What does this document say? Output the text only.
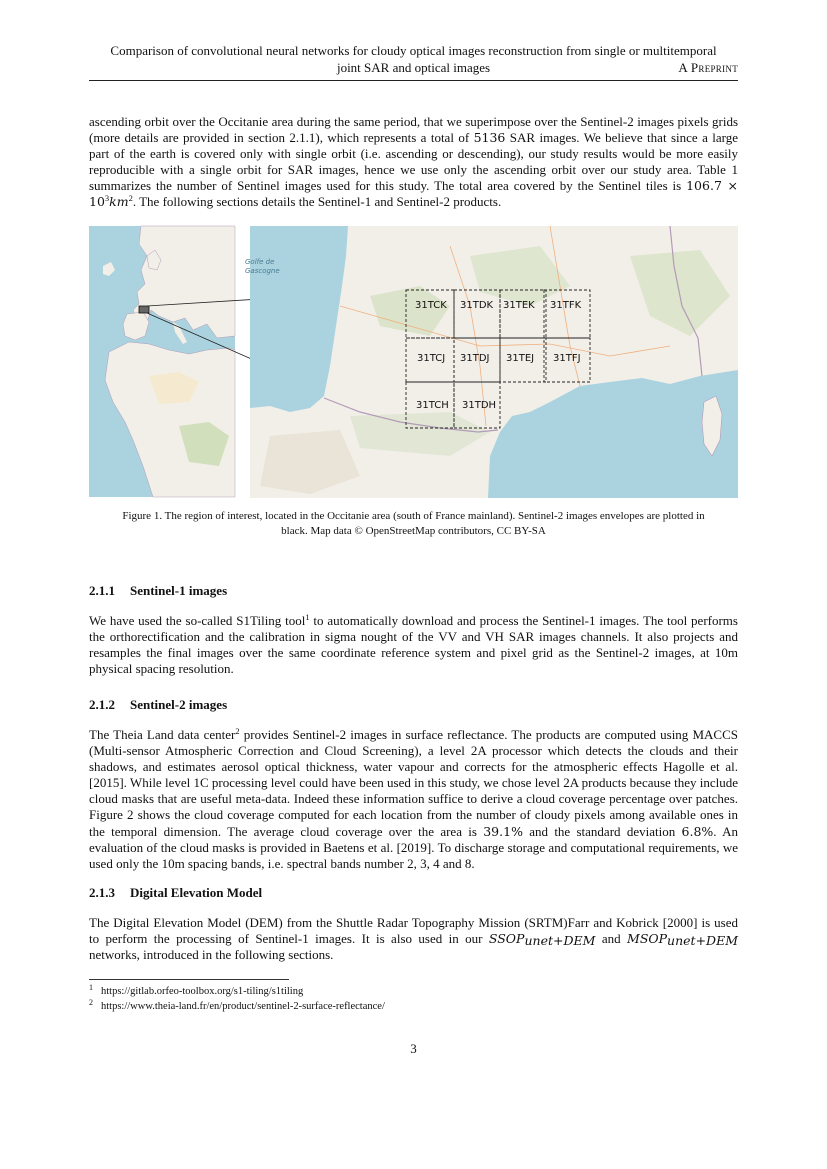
Comparison of convolutional neural networks for cloudy optical images reconstruction from single or multitemporal
joint SAR and optical images	A Preprint

ascending orbit over the Occitanie area during the same period, that we superimpose over the Sentinel-2 images pixels grids (more details are provided in section 2.1.1), which represents a total of 5136 SAR images. We believe that since a large part of the earth is covered only with single orbit (i.e. ascending or descending), our study results would be more easily reproducible with a single orbit for SAR images, hence we use only the ascending orbit over our study area. Table 1 summarizes the number of Sentinel images used for this study. The total area covered by the Sentinel tiles is $106.7 \times 10^3km^2$. The following sections details the Sentinel-1 and Sentinel-2 products.

Golfe de
Gascogne
31TCK 31TDK 31TEK 31TFK
31TCJ 31TDJ 31TEJ 31TFJ
31TCH 31TDH
Figure 1. The region of interest, located in the Occitanie area (south of France mainland). Sentinel-2 images envelopes are plotted in
black. Map data © OpenStreetMap contributors, CC BY-SA
2.1.1 Sentinel-1 images

We have used the so-called S1Tiling tool$^1$ to automatically download and process the Sentinel-1 images. The tool performs the orthorectification and the calibration in sigma nought of the VV and VH SAR images channels. It also projects and resamples the final images over the same coordinate reference system and pixel grid as the Sentinel-2 images, at 10m physical spacing resolution.

2.1.2 Sentinel-2 images

The Theia Land data center$^2$ provides Sentinel-2 images in surface reflectance. The products are computed using MACCS (Multi-sensor Atmospheric Correction and Cloud Screening), a level 2A processor which detects the clouds and their shadows, and estimates aerosol optical thickness, water vapour and corrects for the atmospheric effects Hagolle et al. [2015]. While level 1C processing level could have been used in this study, we chose level 2A products because they include cloud masks that are useful meta-data. Indeed these information suffice to derive a cloud coverage percentage over patches. Figure 2 shows the cloud coverage computed for each location from the number of cloudy pixels among available ones in the temporal dimension. The average cloud coverage over the area is 39.1% and the standard deviation 6.8%. An evaluation of the cloud masks is provided in Baetens et al. [2019]. To discharge storage and computational requirements, we used only the 10m spacing bands, i.e. spectral bands number 2, 3, 4 and 8.

2.1.3 Digital Elevation Model

The Digital Elevation Model (DEM) from the Shuttle Radar Topography Mission (SRTM)Farr and Kobrick [2000] is used to perform the processing of Sentinel-1 images. It is also used in our $SSOP_{unet+DEM}$ and $MSOP_{unet+DEM}$ networks, introduced in the following sections.

$^1$ https://gitlab.orfeo-toolbox.org/s1-tiling/s1tiling
$^2$ https://www.theia-land.fr/en/product/sentinel-2-surface-reflectance/
3
